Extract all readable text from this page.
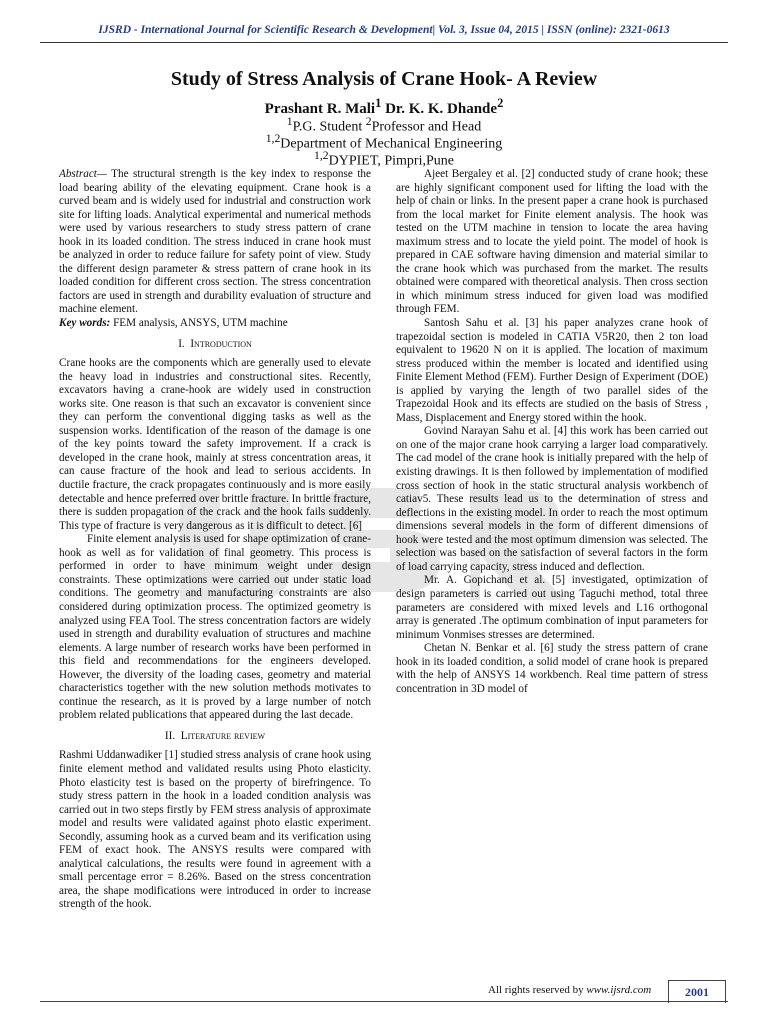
IJSRD - International Journal for Scientific Research & Development| Vol. 3, Issue 04, 2015 | ISSN (online): 2321-0613
Study of Stress Analysis of Crane Hook- A Review
Prashant R. Mali$^1$ Dr. K. K. Dhande$^2$
$^1$P.G. Student $^2$Professor and Head
$^{1,2}$Department of Mechanical Engineering
$^{1,2}$DYPIET, Pimpri,Pune

Abstract— The structural strength is the key index to response the load bearing ability of the elevating equipment. Crane hook is a curved beam and is widely used for industrial and construction work site for lifting loads. Analytical experimental and numerical methods were used by various researchers to study stress pattern of crane hook in its loaded condition. The stress induced in crane hook must be analyzed in order to reduce failure for safety point of view. Study the different design parameter & stress pattern of crane hook in its loaded condition for different cross section. The stress concentration factors are used in strength and durability evaluation of structure and machine element.

Key words: FEM analysis, ANSYS, UTM machine

I. Introduction

Crane hooks are the components which are generally used to elevate the heavy load in industries and constructional sites. Recently, excavators having a crane-hook are widely used in construction works site. One reason is that such an excavator is convenient since they can perform the conventional digging tasks as well as the suspension works. Identification of the reason of the damage is one of the key points toward the safety improvement. If a crack is developed in the crane hook, mainly at stress concentration areas, it can cause fracture of the hook and lead to serious accidents. In ductile fracture, the crack propagates continuously and is more easily detectable and hence preferred over brittle fracture. In brittle fracture, there is sudden propagation of the crack and the hook fails suddenly. This type of fracture is very dangerous as it is difficult to detect. [6]

Finite element analysis is used for shape optimization of crane-hook as well as for validation of final geometry. This process is performed in order to have minimum weight under design constraints. These optimizations were carried out under static load conditions. The geometry and manufacturing constraints are also considered during optimization process. The optimized geometry is analyzed using FEA Tool. The stress concentration factors are widely used in strength and durability evaluation of structures and machine elements. A large number of research works have been performed in this field and recommendations for the engineers developed. However, the diversity of the loading cases, geometry and material characteristics together with the new solution methods motivates to continue the research, as it is proved by a large number of notch problem related publications that appeared during the last decade.

II. Literature review

Rashmi Uddanwadiker [1] studied stress analysis of crane hook using finite element method and validated results using Photo elasticity. Photo elasticity test is based on the property of birefringence. To study stress pattern in the hook in a loaded condition analysis was carried out in two steps firstly by FEM stress analysis of approximate model and results were validated against photo elastic experiment. Secondly, assuming hook as a curved beam and its verification using FEM of exact hook. The ANSYS results were compared with analytical calculations, the results were found in agreement with a small percentage error = 8.26%. Based on the stress concentration area, the shape modifications were introduced in order to increase strength of the hook.

Ajeet Bergaley et al. [2] conducted study of crane hook; these are highly significant component used for lifting the load with the help of chain or links. In the present paper a crane hook is purchased from the local market for Finite element analysis. The hook was tested on the UTM machine in tension to locate the area having maximum stress and to locate the yield point. The model of hook is prepared in CAE software having dimension and material similar to the crane hook which was purchased from the market. The results obtained were compared with theoretical analysis. Then cross section in which minimum stress induced for given load was modified through FEM.

Santosh Sahu et al. [3] his paper analyzes crane hook of trapezoidal section is modeled in CATIA V5R20, then 2 ton load equivalent to 19620 N on it is applied. The location of maximum stress produced within the member is located and identified using Finite Element Method (FEM). Further Design of Experiment (DOE) is applied by varying the length of two parallel sides of the Trapezoidal Hook and its effects are studied on the basis of Stress , Mass, Displacement and Energy stored within the hook.

Govind Narayan Sahu et al. [4] this work has been carried out on one of the major crane hook carrying a larger load comparatively. The cad model of the crane hook is initially prepared with the help of existing drawings. It is then followed by implementation of modified cross section of hook in the static structural analysis workbench of catiav5. These results lead us to the determination of stress and deflections in the existing model. In order to reach the most optimum dimensions several models in the form of different dimensions of hook were tested and the most optimum dimension was selected. The selection was based on the satisfaction of several factors in the form of load carrying capacity, stress induced and deflection.

Mr. A. Gopichand et al. [5] investigated, optimization of design parameters is carried out using Taguchi method, total three parameters are considered with mixed levels and L16 orthogonal array is generated .The optimum combination of input parameters for minimum Vonmises stresses are determined.

Chetan N. Benkar et al. [6] study the stress pattern of crane hook in its loaded condition, a solid model of crane hook is prepared with the help of ANSYS 14 workbench. Real time pattern of stress concentration in 3D model of

All rights reserved by www.ijsrd.com	2001
